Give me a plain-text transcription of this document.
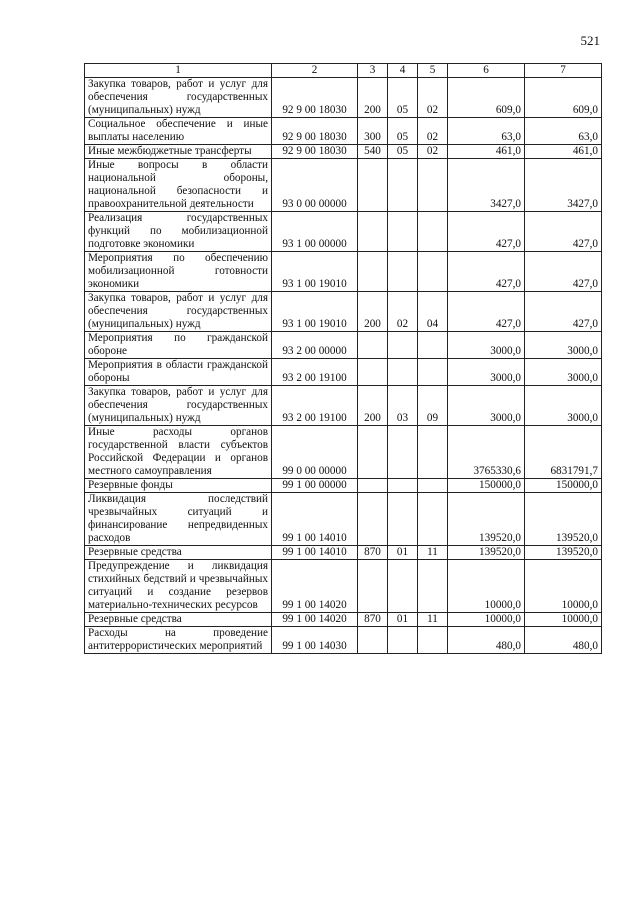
521
1	2	3	4	5	6	7
Закупка товаров, работ и услуг для обеспечения государственных (муниципальных) нужд	92 9 00 18030	200	05	02	609,0	609,0
Социальное обеспечение и иные выплаты населению	92 9 00 18030	300	05	02	63,0	63,0
Иные межбюджетные трансферты	92 9 00 18030	540	05	02	461,0	461,0
Иные вопросы в области национальной обороны, национальной безопасности и правоохранительной деятельности	93 0 00 00000				3427,0	3427,0
Реализация государственных функций по мобилизационной подготовке экономики	93 1 00 00000				427,0	427,0
Мероприятия по обеспечению мобилизационной готовности экономики	93 1 00 19010				427,0	427,0
Закупка товаров, работ и услуг для обеспечения государственных (муниципальных) нужд	93 1 00 19010	200	02	04	427,0	427,0
Мероприятия по гражданской обороне	93 2 00 00000				3000,0	3000,0
Мероприятия в области гражданской обороны	93 2 00 19100				3000,0	3000,0
Закупка товаров, работ и услуг для обеспечения государственных (муниципальных) нужд	93 2 00 19100	200	03	09	3000,0	3000,0
Иные расходы органов государственной власти субъектов Российской Федерации и органов местного самоуправления	99 0 00 00000				3765330,6	6831791,7
Резервные фонды	99 1 00 00000				150000,0	150000,0
Ликвидация последствий чрезвычайных ситуаций и финансирование непредвиденных расходов	99 1 00 14010				139520,0	139520,0
Резервные средства	99 1 00 14010	870	01	11	139520,0	139520,0
Предупреждение и ликвидация стихийных бедствий и чрезвычайных ситуаций и создание резервов материально-технических ресурсов	99 1 00 14020				10000,0	10000,0
Резервные средства	99 1 00 14020	870	01	11	10000,0	10000,0
Расходы на проведение антитеррористических мероприятий	99 1 00 14030				480,0	480,0
